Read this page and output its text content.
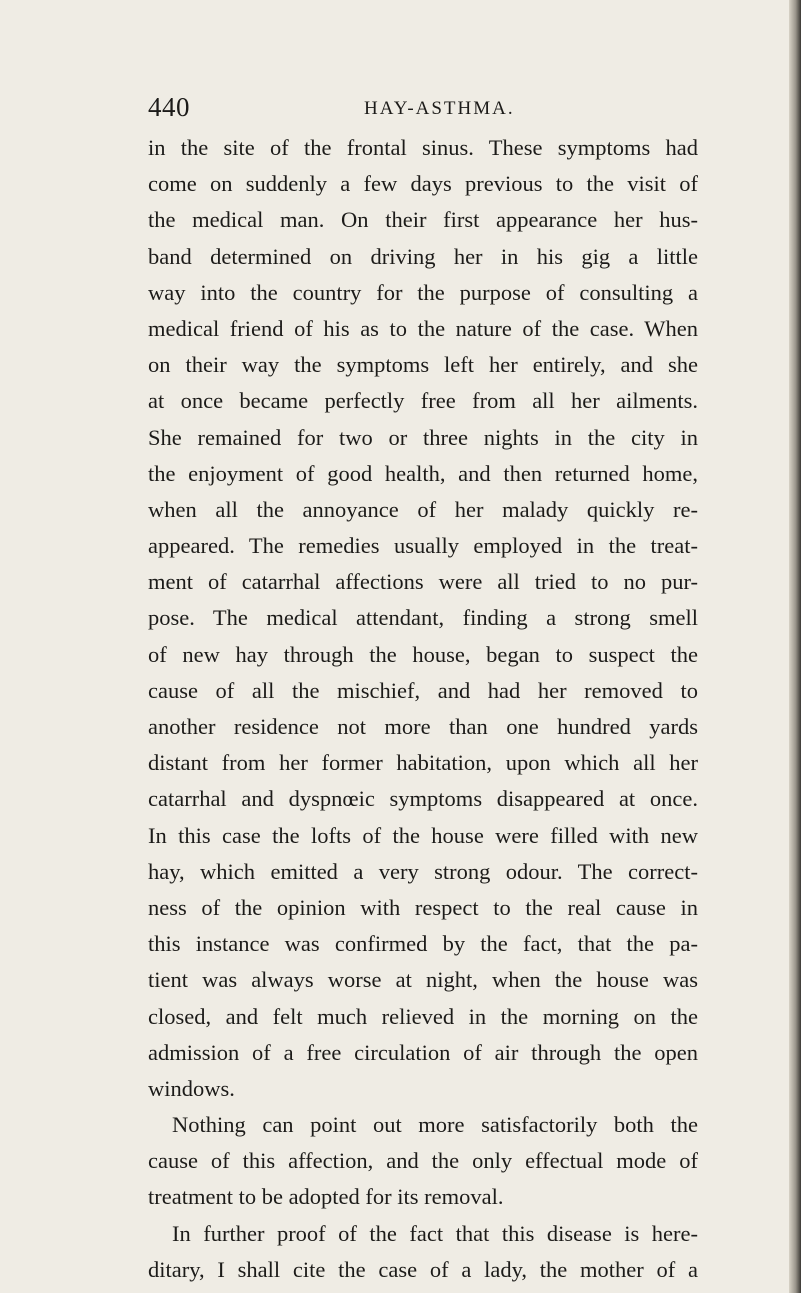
440	HAY-ASTHMA.
in the site of the frontal sinus. These symptoms had
come on suddenly a few days previous to the visit of
the medical man. On their first appearance her hus-
band determined on driving her in his gig a little
way into the country for the purpose of consulting a
medical friend of his as to the nature of the case. When
on their way the symptoms left her entirely, and she
at once became perfectly free from all her ailments.
She remained for two or three nights in the city in
the enjoyment of good health, and then returned home,
when all the annoyance of her malady quickly re-
appeared. The remedies usually employed in the treat-
ment of catarrhal affections were all tried to no pur-
pose. The medical attendant, finding a strong smell
of new hay through the house, began to suspect the
cause of all the mischief, and had her removed to
another residence not more than one hundred yards
distant from her former habitation, upon which all her
catarrhal and dyspnœic symptoms disappeared at once.
In this case the lofts of the house were filled with new
hay, which emitted a very strong odour. The correct-
ness of the opinion with respect to the real cause in
this instance was confirmed by the fact, that the pa-
tient was always worse at night, when the house was
closed, and felt much relieved in the morning on the
admission of a free circulation of air through the open
windows.
Nothing can point out more satisfactorily both the
cause of this affection, and the only effectual mode of
treatment to be adopted for its removal.
In further proof of the fact that this disease is here-
ditary, I shall cite the case of a lady, the mother of a
